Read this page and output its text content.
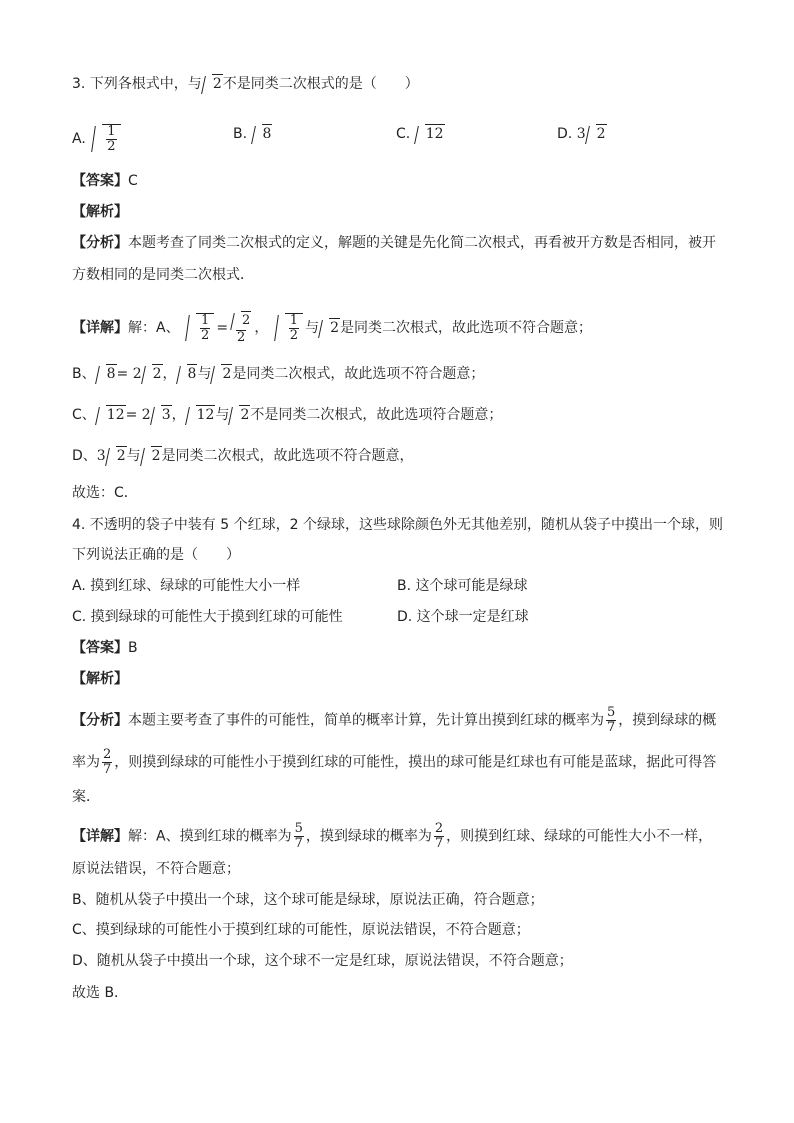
3. 下列各根式中，与 2不是同类二次根式的是（　　）
A. $\frac{1}{2}$	B. 8	C. 12	D. 3 2
【答案】C
【解析】
【分析】本题考查了同类二次根式的定义，解题的关键是先化简二次根式，再看被开方数是否相同，被开
方数相同的是同类二次根式．
【详解】解：A、 $\frac{1}{2} = \frac{2}{2}$ ， $\frac{1}{2}$ 与 2是同类二次根式，故此选项不符合题意；
B、 8= 2 2， 8与 2是同类二次根式，故此选项不符合题意；
C、 12= 2 3， 12与 2不是同类二次根式，故此选项符合题意；
D、3 2与 2是同类二次根式，故此选项不符合题意，
故选：C．
4. 不透明的袋子中装有 5 个红球，2 个绿球，这些球除颜色外无其他差别，随机从袋子中摸出一个球，则
下列说法正确的是（　　）
A. 摸到红球、绿球的可能性大小一样	B. 这个球可能是绿球
C. 摸到绿球的可能性大于摸到红球的可能性	D. 这个球一定是红球
【答案】B
【解析】
【分析】本题主要考查了事件的可能性，简单的概率计算，先计算出摸到红球的概率为 $\frac{5}{7}$ ，摸到绿球的概
率为 $\frac{2}{7}$ ，则摸到绿球的可能性小于摸到红球的可能性，摸出的球可能是红球也有可能是蓝球，据此可得答
案．
【详解】解：A、摸到红球的概率为 $\frac{5}{7}$ ，摸到绿球的概率为 $\frac{2}{7}$ ，则摸到红球、绿球的可能性大小不一样，
原说法错误，不符合题意；
B、随机从袋子中摸出一个球，这个球可能是绿球，原说法正确，符合题意；
C、摸到绿球的可能性小于摸到红球的可能性，原说法错误，不符合题意；
D、随机从袋子中摸出一个球，这个球不一定是红球，原说法错误，不符合题意；
故选 B．
